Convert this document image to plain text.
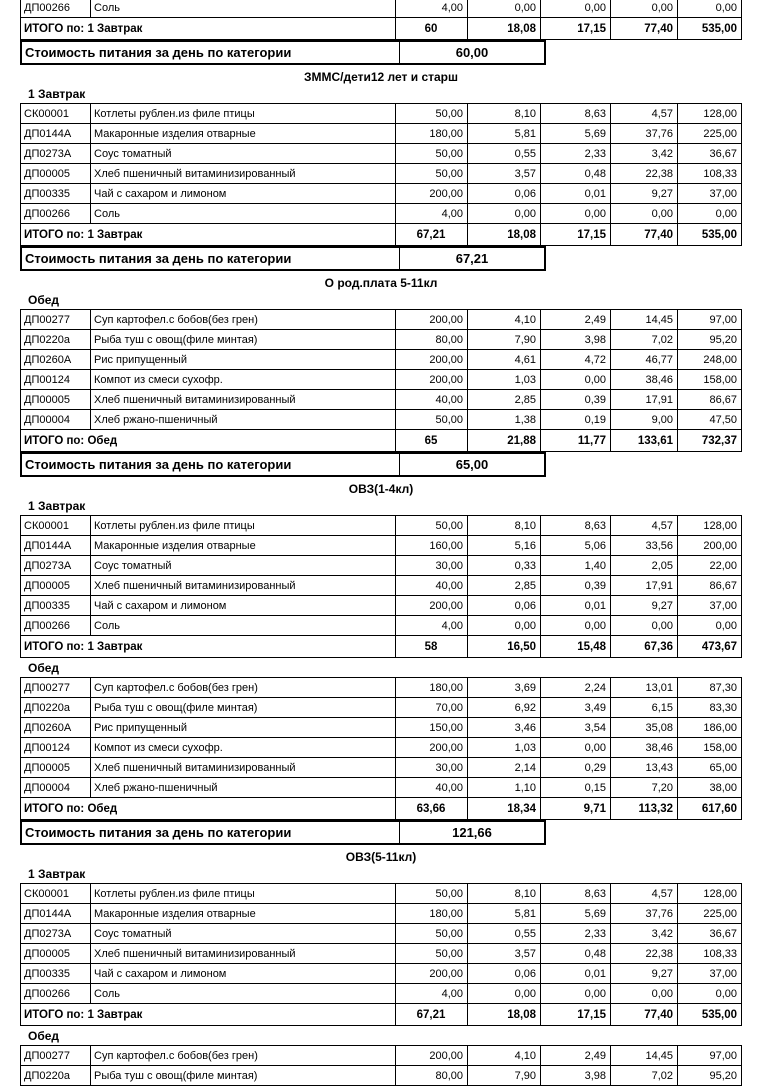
ДП00266	Соль	4,00	0,00	0,00	0,00	0,00
ИТОГО по: 1 Завтрак		60	18,08	17,15	77,40	535,00
Стоимость питания за день по категории	60,00
ЗММС/дети12 лет и старш
1 Завтрак
СК00001	Котлеты рублен.из филе птицы	50,00	8,10	8,63	4,57	128,00
ДП0144А	Макаронные изделия отварные	180,00	5,81	5,69	37,76	225,00
ДП0273А	Соус томатный	50,00	0,55	2,33	3,42	36,67
ДП00005	Хлеб пшеничный витаминизированный	50,00	3,57	0,48	22,38	108,33
ДП00335	Чай с сахаром и лимоном	200,00	0,06	0,01	9,27	37,00
ДП00266	Соль	4,00	0,00	0,00	0,00	0,00
ИТОГО по: 1 Завтрак		67,21	18,08	17,15	77,40	535,00
Стоимость питания за день по категории	67,21
О род.плата 5-11кл
Обед
ДП00277	Суп картофел.с бобов(без грен)	200,00	4,10	2,49	14,45	97,00
ДП0220а	Рыба туш с овощ(филе минтая)	80,00	7,90	3,98	7,02	95,20
ДП0260А	Рис припущенный	200,00	4,61	4,72	46,77	248,00
ДП00124	Компот из смеси сухофр.	200,00	1,03	0,00	38,46	158,00
ДП00005	Хлеб пшеничный витаминизированный	40,00	2,85	0,39	17,91	86,67
ДП00004	Хлеб ржано-пшеничный	50,00	1,38	0,19	9,00	47,50
ИТОГО по: Обед		65	21,88	11,77	133,61	732,37
Стоимость питания за день по категории	65,00
ОВЗ(1-4кл)
1 Завтрак
СК00001	Котлеты рублен.из филе птицы	50,00	8,10	8,63	4,57	128,00
ДП0144А	Макаронные изделия отварные	160,00	5,16	5,06	33,56	200,00
ДП0273А	Соус томатный	30,00	0,33	1,40	2,05	22,00
ДП00005	Хлеб пшеничный витаминизированный	40,00	2,85	0,39	17,91	86,67
ДП00335	Чай с сахаром и лимоном	200,00	0,06	0,01	9,27	37,00
ДП00266	Соль	4,00	0,00	0,00	0,00	0,00
ИТОГО по: 1 Завтрак		58	16,50	15,48	67,36	473,67
Обед
ДП00277	Суп картофел.с бобов(без грен)	180,00	3,69	2,24	13,01	87,30
ДП0220а	Рыба туш с овощ(филе минтая)	70,00	6,92	3,49	6,15	83,30
ДП0260А	Рис припущенный	150,00	3,46	3,54	35,08	186,00
ДП00124	Компот из смеси сухофр.	200,00	1,03	0,00	38,46	158,00
ДП00005	Хлеб пшеничный витаминизированный	30,00	2,14	0,29	13,43	65,00
ДП00004	Хлеб ржано-пшеничный	40,00	1,10	0,15	7,20	38,00
ИТОГО по: Обед		63,66	18,34	9,71	113,32	617,60
Стоимость питания за день по категории	121,66
ОВЗ(5-11кл)
1 Завтрак
СК00001	Котлеты рублен.из филе птицы	50,00	8,10	8,63	4,57	128,00
ДП0144А	Макаронные изделия отварные	180,00	5,81	5,69	37,76	225,00
ДП0273А	Соус томатный	50,00	0,55	2,33	3,42	36,67
ДП00005	Хлеб пшеничный витаминизированный	50,00	3,57	0,48	22,38	108,33
ДП00335	Чай с сахаром и лимоном	200,00	0,06	0,01	9,27	37,00
ДП00266	Соль	4,00	0,00	0,00	0,00	0,00
ИТОГО по: 1 Завтрак		67,21	18,08	17,15	77,40	535,00
Обед
ДП00277	Суп картофел.с бобов(без грен)	200,00	4,10	2,49	14,45	97,00
ДП0220а	Рыба туш с овощ(филе минтая)	80,00	7,90	3,98	7,02	95,20
